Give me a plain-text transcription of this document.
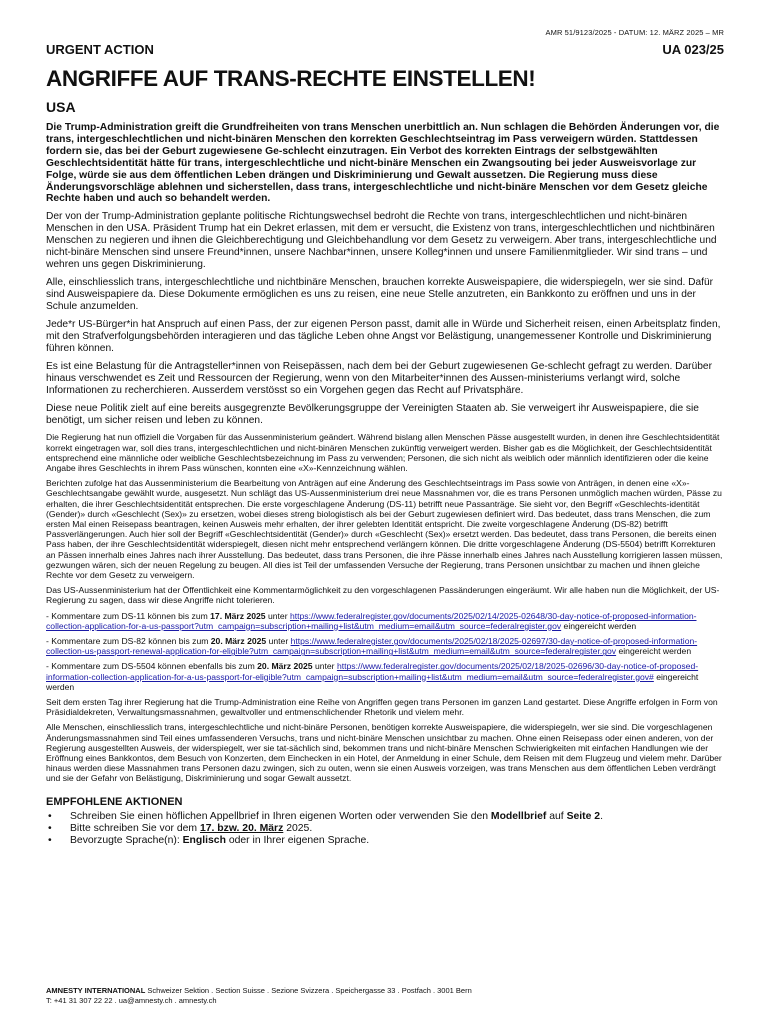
AMR 51/9123/2025 - DATUM: 12. MÄRZ 2025 – MR
URGENT ACTION	UA 023/25
ANGRIFFE AUF TRANS-RECHTE EINSTELLEN!
USA

Die Trump-Administration greift die Grundfreiheiten von trans Menschen unerbittlich an. Nun schlagen die Behörden Änderungen vor, die trans, intergeschlechtlichen und nicht-binären Menschen den korrekten Geschlechtseintrag im Pass verweigern würden. Stattdessen fordern sie, das bei der Geburt zugewiesene Ge-schlecht einzutragen. Ein Verbot des korrekten Eintrags der selbstgewählten Geschlechtsidentität hätte für trans, intergeschlechtliche und nicht-binäre Menschen ein Zwangsouting bei jeder Ausweisvorlage zur Folge, würde sie aus dem öffentlichen Leben drängen und Diskriminierung und Gewalt aussetzen. Die Regierung muss diese Änderungsvorschläge ablehnen und sicherstellen, dass trans, intergeschlechtliche und nicht-binäre Menschen vor dem Gesetz gleiche Rechte haben und auch so behandelt werden.

Der von der Trump-Administration geplante politische Richtungswechsel bedroht die Rechte von trans, intergeschlechtlichen und nicht-binären Menschen in den USA. Präsident Trump hat ein Dekret erlassen, mit dem er versucht, die Existenz von trans, intergeschlechtlichen und nichtbinären Menschen zu negieren und ihnen die Gleichberechtigung und Gleichbehandlung vor dem Gesetz zu verweigern. Aber trans, intergeschlechtliche und nicht-binäre Menschen sind unsere Freund*innen, unsere Nachbar*innen, unsere Kolleg*innen und unsere Familienmitglieder. Wir sind trans – und wehren uns gegen Diskriminierung.

Alle, einschliesslich trans, intergeschlechtliche und nichtbinäre Menschen, brauchen korrekte Ausweispapiere, die widerspiegeln, wer sie sind. Dafür sind Ausweispapiere da. Diese Dokumente ermöglichen es uns zu reisen, eine neue Stelle anzutreten, ein Bankkonto zu eröffnen und uns in der Schule anzumelden.

Jede*r US-Bürger*in hat Anspruch auf einen Pass, der zur eigenen Person passt, damit alle in Würde und Sicherheit reisen, einen Arbeitsplatz finden, mit den Strafverfolgungsbehörden interagieren und das tägliche Leben ohne Angst vor Belästigung, unangemessener Kontrolle und Diskriminierung führen können.

Es ist eine Belastung für die Antragsteller*innen von Reisepässen, nach dem bei der Geburt zugewiesenen Ge-schlecht gefragt zu werden. Darüber hinaus verschwendet es Zeit und Ressourcen der Regierung, wenn von den Mitarbeiter*innen des Aussen-ministeriums verlangt wird, solche Informationen zu recherchieren. Ausserdem verstösst so ein Vorgehen gegen das Recht auf Privatsphäre.

Diese neue Politik zielt auf eine bereits ausgegrenzte Bevölkerungsgruppe der Vereinigten Staaten ab. Sie verweigert ihr Ausweispapiere, die sie benötigt, um sicher reisen und leben zu können.

Die Regierung hat nun offiziell die Vorgaben für das Aussenministerium geändert. Während bislang allen Menschen Pässe ausgestellt wurden, in denen ihre Geschlechtsidentität korrekt eingetragen war, soll dies trans, intergeschlechtlichen und nicht-binären Menschen zukünftig verweigert werden. Bisher gab es die Möglichkeit, der Geschlechtsidentität entsprechend eine männliche oder weibliche Geschlechtsbezeichnung im Pass zu verwenden; Personen, die sich nicht als weiblich oder männlich identifizieren oder die keine Angabe ihres Geschlechts in ihrem Pass wünschen, konnten eine «X»-Kennzeichnung wählen.

Berichten zufolge hat das Aussenministerium die Bearbeitung von Anträgen auf eine Änderung des Geschlechtseintrags im Pass sowie von Anträgen, in denen eine «X»-Geschlechtsangabe gewählt wurde, ausgesetzt. Nun schlägt das US-Aussenministerium drei neue Massnahmen vor, die es trans Personen unmöglich machen würden, Pässe zu erhalten, die ihrer Geschlechtsidentität entsprechen. Die erste vorgeschlagene Änderung (DS-11) betrifft neue Passanträge. Sie sieht vor, den Begriff «Geschlechts-identität (Gender)» durch «Geschlecht (Sex)» zu ersetzen, wobei dieses streng biologistisch als bei der Geburt zugewiesen definiert wird. Das bedeutet, dass trans Menschen, die zum ersten Mal einen Reisepass beantragen, keinen Ausweis mehr erhalten, der ihrer gelebten Identität entspricht. Die zweite vorgeschlagene Änderung (DS-82) betrifft Passverlängerungen. Auch hier soll der Begriff «Geschlechtsidentität (Gender)» durch «Geschlecht (Sex)» ersetzt werden. Das bedeutet, dass trans Personen, die bereits einen Pass haben, der ihre Geschlechtsidentität widerspiegelt, diesen nicht mehr entsprechend verlängern können. Die dritte vorgeschlagene Änderung (DS-5504) betrifft Korrekturen an Pässen innerhalb eines Jahres nach ihrer Ausstellung. Das bedeutet, dass trans Personen, die ihre Pässe innerhalb eines Jahres nach Ausstellung korrigieren lassen müssen, gezwungen wären, sich der neuen Regelung zu beugen. All dies ist Teil der umfassenden Versuche der Regierung, trans Personen unsichtbar zu machen und ihnen gleiche Rechte vor dem Gesetz zu verweigern.

Das US-Aussenministerium hat der Öffentlichkeit eine Kommentarmöglichkeit zu den vorgeschlagenen Passänderungen eingeräumt. Wir alle haben nun die Möglichkeit, der US-Regierung zu sagen, dass wir diese Angriffe nicht tolerieren.

- Kommentare zum DS-11 können bis zum 17. März 2025 unter https://www.federalregister.gov/documents/2025/02/14/2025-02648/30-day-notice-of-proposed-information-collection-application-for-a-us-passport?utm_campaign=subscription+mailing+list&utm_medium=email&utm_source=federalregister.gov eingereicht werden

- Kommentare zum DS-82 können bis zum 20. März 2025 unter https://www.federalregister.gov/documents/2025/02/18/2025-02697/30-day-notice-of-proposed-information-collection-us-passport-renewal-application-for-eligible?utm_campaign=subscription+mailing+list&utm_medium=email&utm_source=federalregister.gov eingereicht werden

- Kommentare zum DS-5504 können ebenfalls bis zum 20. März 2025 unter https://www.federalregister.gov/documents/2025/02/18/2025-02696/30-day-notice-of-proposed-information-collection-application-for-a-us-passport-for-eligible?utm_campaign=subscription+mailing+list&utm_medium=email&utm_source=federalregister.gov# eingereicht werden

Seit dem ersten Tag ihrer Regierung hat die Trump-Administration eine Reihe von Angriffen gegen trans Personen im ganzen Land gestartet. Diese Angriffe erfolgen in Form von Präsidialdekreten, Verwaltungsmassnahmen, gewaltvoller und entmenschlichender Rhetorik und vielem mehr.

Alle Menschen, einschliesslich trans, intergeschlechtliche und nicht-binäre Personen, benötigen korrekte Ausweispapiere, die widerspiegeln, wer sie sind. Die vorgeschlagenen Änderungsmassnahmen sind Teil eines umfassenderen Versuchs, trans und nicht-binäre Menschen unsichtbar zu machen. Ohne einen Reisepass oder einen anderen, von der Regierung ausgestellten Ausweis, der widerspiegelt, wer sie tat-sächlich sind, bekommen trans und nicht-binäre Menschen Schwierigkeiten mit einfachen Handlungen wie der Eröffnung eines Bankkontos, dem Besuch von Konzerten, dem Einchecken in ein Hotel, der Anmeldung in einer Schule, dem Reisen mit dem Flugzeug und vielem mehr. Darüber hinaus werden diese Massnahmen trans Personen dazu zwingen, sich zu outen, wenn sie einen Ausweis vorzeigen, was trans Menschen aus dem öffentlichen Leben verdrängt und sie der Gefahr von Belästigung, Diskriminierung und sogar Gewalt aussetzt.

EMPFOHLENE AKTIONEN
•	Schreiben Sie einen höflichen Appellbrief in Ihren eigenen Worten oder verwenden Sie den Modellbrief auf Seite 2.
•	Bitte schreiben Sie vor dem 17. bzw. 20. März 2025.
•	Bevorzugte Sprache(n): Englisch oder in Ihrer eigenen Sprache.
AMNESTY INTERNATIONAL Schweizer Sektion . Section Suisse . Sezione Svizzera . Speichergasse 33 . Postfach . 3001 Bern
T: +41 31 307 22 22 . ua@amnesty.ch . amnesty.ch
